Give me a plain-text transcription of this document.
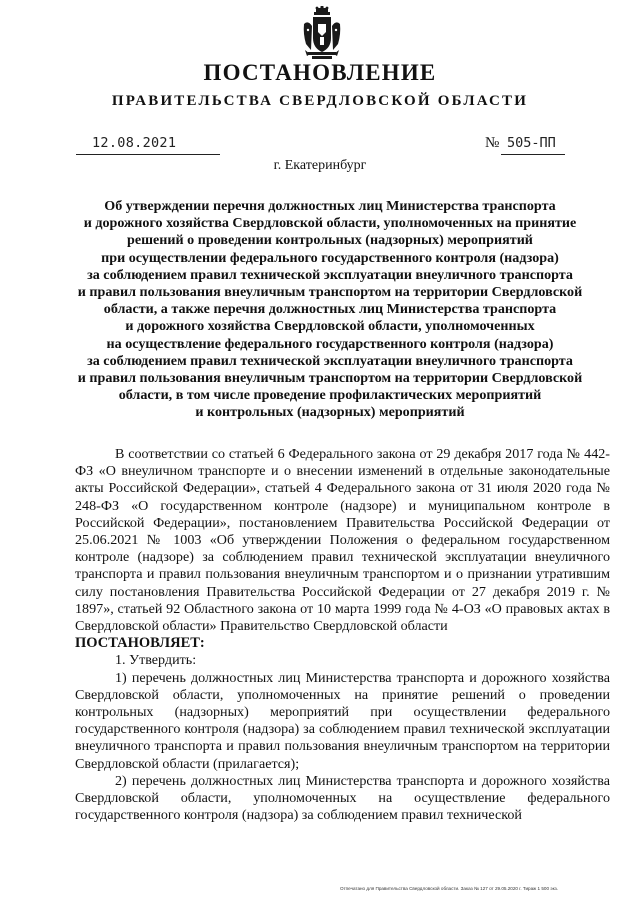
ПОСТАНОВЛЕНИЕ
ПРАВИТЕЛЬСТВА СВЕРДЛОВСКОЙ ОБЛАСТИ
12.08.2021	№ 505-ПП
г. Екатеринбург
Об утверждении перечня должностных лиц Министерства транспорта
и дорожного хозяйства Свердловской области, уполномоченных на принятие
решений о проведении контрольных (надзорных) мероприятий
при осуществлении федерального государственного контроля (надзора)
за соблюдением правил технической эксплуатации внеуличного транспорта
и правил пользования внеуличным транспортом на территории Свердловской
области, а также перечня должностных лиц Министерства транспорта
и дорожного хозяйства Свердловской области, уполномоченных
на осуществление федерального государственного контроля (надзора)
за соблюдением правил технической эксплуатации внеуличного транспорта
и правил пользования внеуличным транспортом на территории Свердловской
области, в том числе проведение профилактических мероприятий
и контрольных (надзорных) мероприятий

В соответствии со статьей 6 Федерального закона от 29 декабря 2017 года № 442-ФЗ «О внеуличном транспорте и о внесении изменений в отдельные законодательные акты Российской Федерации», статьей 4 Федерального закона от 31 июля 2020 года № 248-ФЗ «О государственном контроле (надзоре) и муниципальном контроле в Российской Федерации», постановлением Правительства Российской Федерации от 25.06.2021 № 1003 «Об утверждении Положения о федеральном государственном контроле (надзоре) за соблюдением правил технической эксплуатации внеуличного транспорта и правил пользования внеуличным транспортом и о признании утратившим силу постановления Правительства Российской Федерации от 27 декабря 2019 г. № 1897», статьей 92 Областного закона от 10 марта 1999 года № 4-ОЗ «О правовых актах в Свердловской области» Правительство Свердловской области

ПОСТАНОВЛЯЕТ:

1. Утвердить:

1) перечень должностных лиц Министерства транспорта и дорожного хозяйства Свердловской области, уполномоченных на принятие решений о проведении контрольных (надзорных) мероприятий при осуществлении федерального государственного контроля (надзора) за соблюдением правил технической эксплуатации внеуличного транспорта и правил пользования внеуличным транспортом на территории Свердловской области (прилагается);

2) перечень должностных лиц Министерства транспорта и дорожного хозяйства Свердловской области, уполномоченных на осуществление федерального государственного контроля (надзора) за соблюдением правил технической

Отпечатано для Правительства Свердловской области. Заказ № 127 от 29.05.2020 г. Тираж 1 500 экз.
